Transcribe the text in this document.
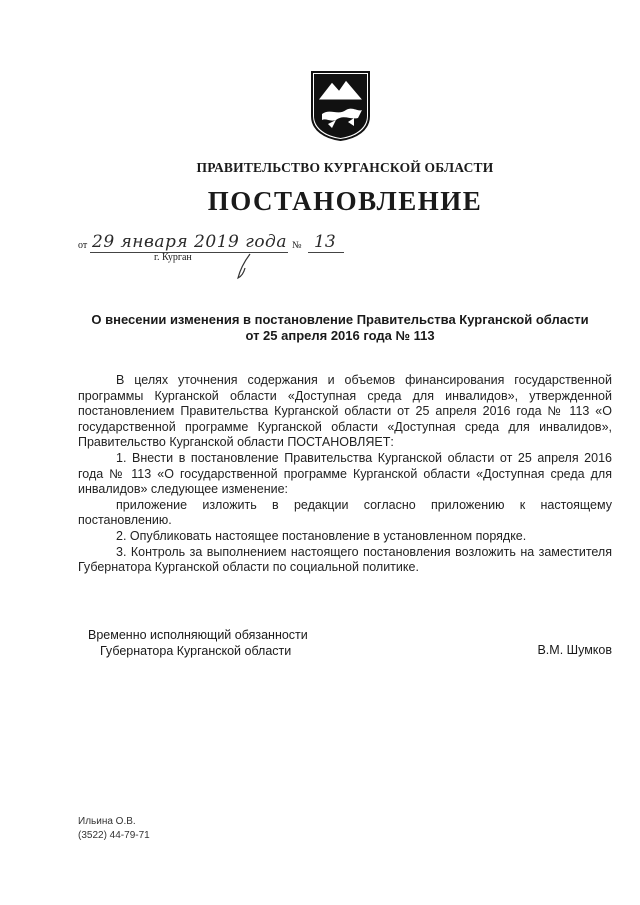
ПРАВИТЕЛЬСТВО КУРГАНСКОЙ ОБЛАСТИ
ПОСТАНОВЛЕНИЕ
от 29 января 2019 года № 13
г. Курган
О внесении изменения в постановление Правительства Курганской области
от 25 апреля 2016 года № 113

В целях уточнения содержания и объемов финансирования государственной программы Курганской области «Доступная среда для инвалидов», утвержденной постановлением Правительства Курганской области от 25 апреля 2016 года № 113 «О государственной программе Курганской области «Доступная среда для инвалидов», Правительство Курганской области ПОСТАНОВЛЯЕТ:

1. Внести в постановление Правительства Курганской области от 25 апреля 2016 года № 113 «О государственной программе Курганской области «Доступная среда для инвалидов» следующее изменение:

приложение изложить в редакции согласно приложению к настоящему постановлению.

2. Опубликовать настоящее постановление в установленном порядке.

3. Контроль за выполнением настоящего постановления возложить на заместителя Губернатора Курганской области по социальной политике.

Временно исполняющий обязанности
Губернатора Курганской области	В.М. Шумков
Ильина О.В.
(3522) 44-79-71
